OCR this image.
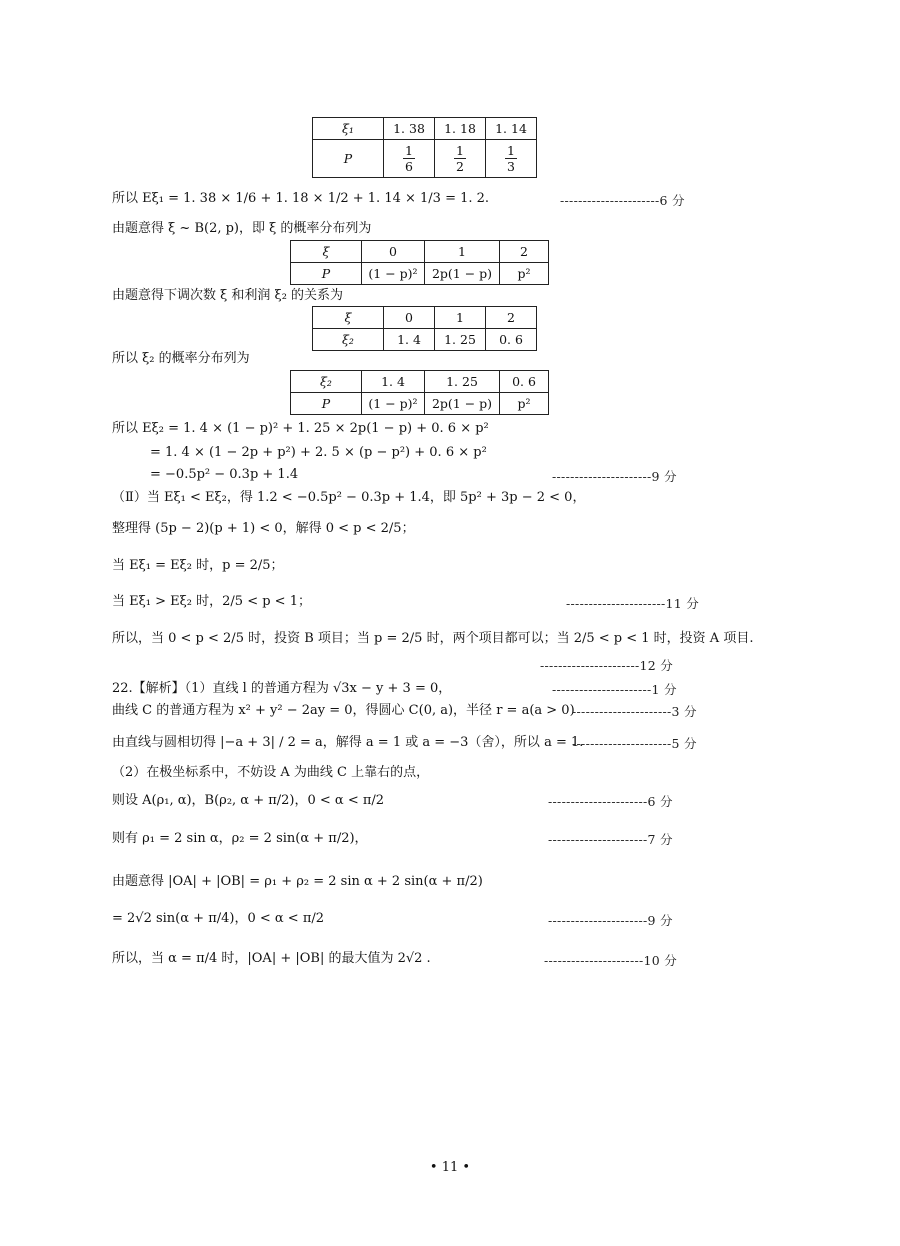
ξ₁	1. 38	1. 18	1. 14
P	$\frac{1}{6}$	$\frac{1}{2}$	$\frac{1}{3}$
所以 Eξ₁ = 1. 38 × 1/6 + 1. 18 × 1/2 + 1. 14 × 1/3 = 1. 2.	----------------------6 分
由题意得 ξ ~ B(2, p)，即 ξ 的概率分布列为
ξ	0	1	2
P	(1 − p)²	2p(1 − p)	p²
由题意得下调次数 ξ 和利润 ξ₂ 的关系为
ξ	0	1	2
ξ₂	1. 4	1. 25	0. 6
所以 ξ₂ 的概率分布列为
ξ₂	1. 4	1. 25	0. 6
P	(1 − p)²	2p(1 − p)	p²
所以 Eξ₂ = 1. 4 × (1 − p)² + 1. 25 × 2p(1 − p) + 0. 6 × p²
= 1. 4 × (1 − 2p + p²) + 2. 5 × (p − p²) + 0. 6 × p²
= −0.5p² − 0.3p + 1.4	----------------------9 分
（Ⅱ）当 Eξ₁ < Eξ₂，得 1.2 < −0.5p² − 0.3p + 1.4，即 5p² + 3p − 2 < 0，
整理得 (5p − 2)(p + 1) < 0，解得 0 < p < 2/5；
当 Eξ₁ = Eξ₂ 时，p = 2/5；
当 Eξ₁ > Eξ₂ 时，2/5 < p < 1；	----------------------11 分
所以，当 0 < p < 2/5 时，投资 B 项目；当 p = 2/5 时，两个项目都可以；当 2/5 < p < 1 时，投资 A 项目.
----------------------12 分
22.【解析】（1）直线 l 的普通方程为 √3x − y + 3 = 0，	----------------------1 分
曲线 C 的普通方程为 x² + y² − 2ay = 0，得圆心 C(0, a)，半径 r = a(a > 0)
----------------------3 分
由直线与圆相切得 |−a + 3| / 2 = a，解得 a = 1 或 a = −3（舍），所以 a = 1.
----------------------5 分
（2）在极坐标系中，不妨设 A 为曲线 C 上靠右的点，
则设 A(ρ₁, α)，B(ρ₂, α + π/2)，0 < α < π/2	----------------------6 分
则有 ρ₁ = 2 sin α，ρ₂ = 2 sin(α + π/2)，	----------------------7 分
由题意得 |OA| + |OB| = ρ₁ + ρ₂ = 2 sin α + 2 sin(α + π/2)
= 2√2 sin(α + π/4)，0 < α < π/2	----------------------9 分
所以，当 α = π/4 时，|OA| + |OB| 的最大值为 2√2 .	----------------------10 分
• 11 •
